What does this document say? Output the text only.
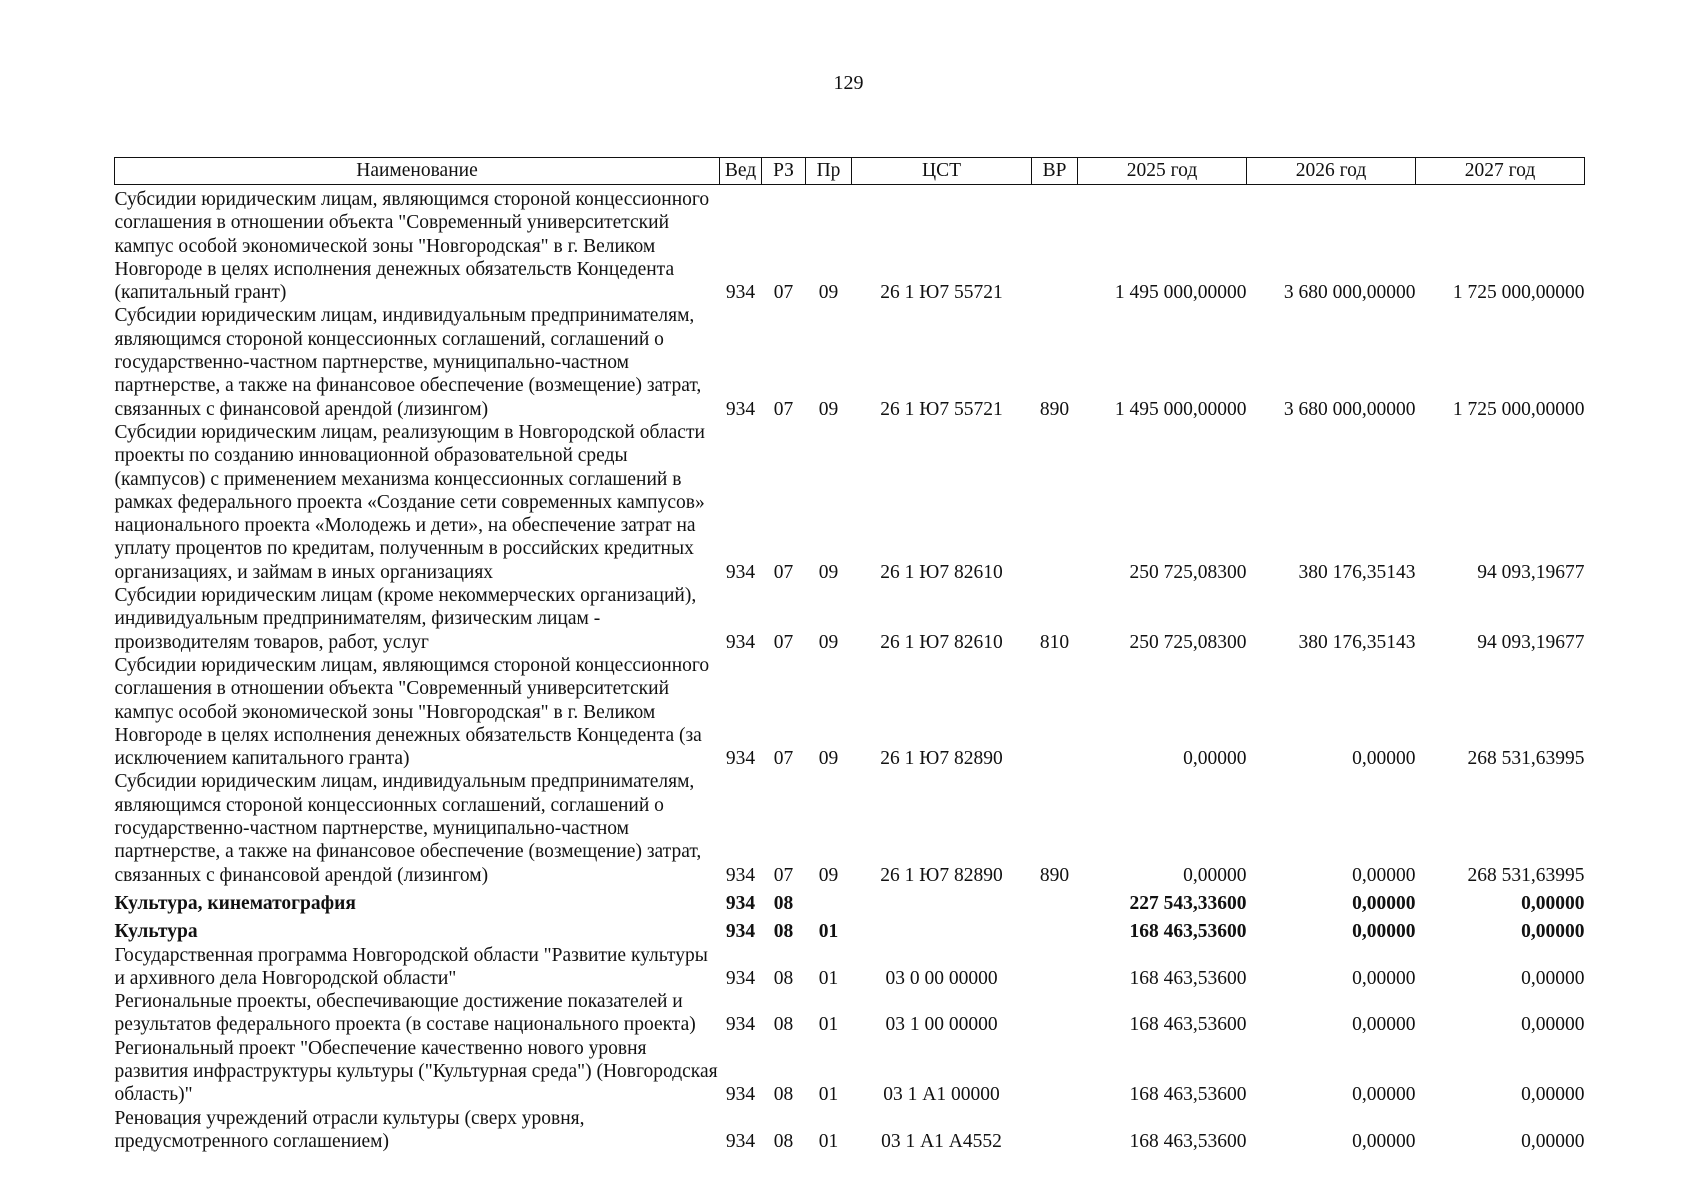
129
Наименование	Вед	РЗ	Пр	ЦСТ	ВР	2025 год	2026 год	2027 год
Субсидии юридическим лицам, являющимся стороной концессионного соглашения в отношении объекта "Современный университетский кампус особой экономической зоны "Новгородская" в г. Великом Новгороде в целях исполнения денежных обязательств Концедента (капитальный грант)	934	07	09	26 1 Ю7 55721		1 495 000,00000	3 680 000,00000	1 725 000,00000
Субсидии юридическим лицам, индивидуальным предпринимателям, являющимся стороной концессионных соглашений, соглашений о государственно-частном партнерстве, муниципально-частном партнерстве, а также на финансовое обеспечение (возмещение) затрат, связанных с финансовой арендой (лизингом)	934	07	09	26 1 Ю7 55721	890	1 495 000,00000	3 680 000,00000	1 725 000,00000
Субсидии юридическим лицам, реализующим в Новгородской области проекты по созданию инновационной образовательной среды (кампусов) с применением механизма концессионных соглашений в рамках федерального проекта «Создание сети современных кампусов» национального проекта «Молодежь и дети», на обеспечение затрат на уплату процентов по кредитам, полученным в российских кредитных организациях, и займам в иных организациях	934	07	09	26 1 Ю7 82610		250 725,08300	380 176,35143	94 093,19677
Субсидии юридическим лицам (кроме некоммерческих организаций), индивидуальным предпринимателям, физическим лицам - производителям товаров, работ, услуг	934	07	09	26 1 Ю7 82610	810	250 725,08300	380 176,35143	94 093,19677
Субсидии юридическим лицам, являющимся стороной концессионного соглашения в отношении объекта "Современный университетский кампус особой экономической зоны "Новгородская" в г. Великом Новгороде в целях исполнения денежных обязательств Концедента (за исключением капитального гранта)	934	07	09	26 1 Ю7 82890		0,00000	0,00000	268 531,63995
Субсидии юридическим лицам, индивидуальным предпринимателям, являющимся стороной концессионных соглашений, соглашений о государственно-частном партнерстве, муниципально-частном партнерстве, а также на финансовое обеспечение (возмещение) затрат, связанных с финансовой арендой (лизингом)	934	07	09	26 1 Ю7 82890	890	0,00000	0,00000	268 531,63995
Культура, кинематография	934	08				227 543,33600	0,00000	0,00000
Культура	934	08	01			168 463,53600	0,00000	0,00000
Государственная программа Новгородской области "Развитие культуры и архивного дела Новгородской области"	934	08	01	03 0 00 00000		168 463,53600	0,00000	0,00000
Региональные проекты, обеспечивающие достижение показателей и результатов федерального проекта (в составе национального проекта)	934	08	01	03 1 00 00000		168 463,53600	0,00000	0,00000
Региональный проект "Обеспечение качественно нового уровня развития инфраструктуры культуры ("Культурная среда") (Новгородская область)"	934	08	01	03 1 А1 00000		168 463,53600	0,00000	0,00000
Реновация учреждений отрасли культуры (сверх уровня, предусмотренного соглашением)	934	08	01	03 1 А1 А4552		168 463,53600	0,00000	0,00000
